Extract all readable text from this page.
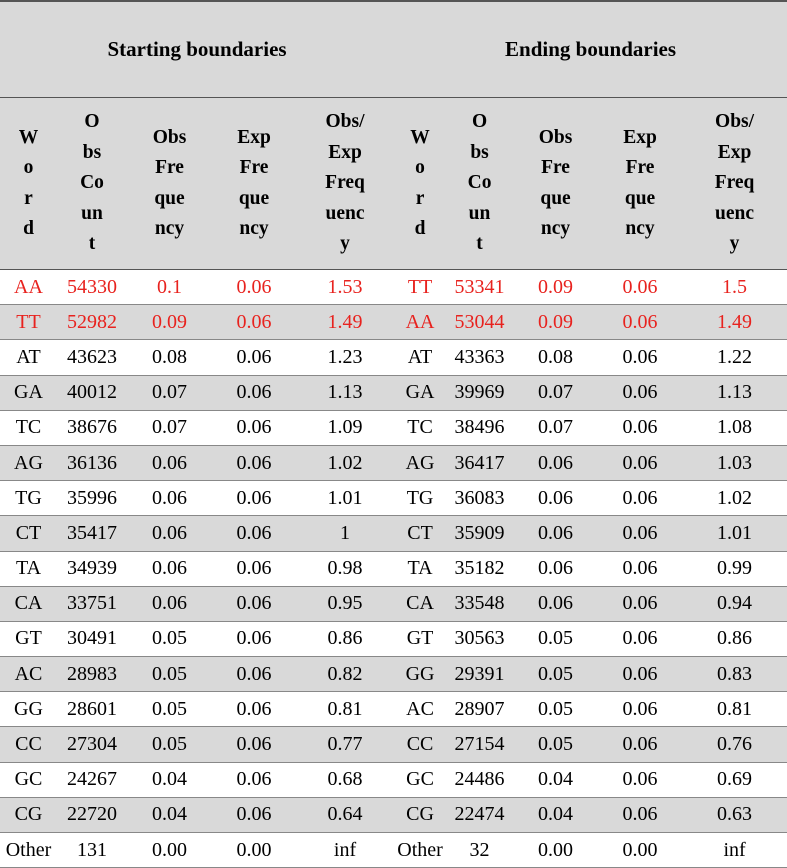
Starting boundaries					Ending boundaries				

W
o
r
d	O
bs
Co
un
t	Obs
Fre
que
ncy	Exp
Fre
que
ncy	Obs/
Exp
Freq
uenc
y	W
o
r
d	O
bs
Co
un
t	Obs
Fre
que
ncy	Exp
Fre
que
ncy	Obs/
Exp
Freq
uenc
y

AA	54330	0.1	0.06	1.53	TT	53341	0.09	0.06	1.5
TT	52982	0.09	0.06	1.49	AA	53044	0.09	0.06	1.49
AT	43623	0.08	0.06	1.23	AT	43363	0.08	0.06	1.22
GA	40012	0.07	0.06	1.13	GA	39969	0.07	0.06	1.13
TC	38676	0.07	0.06	1.09	TC	38496	0.07	0.06	1.08
AG	36136	0.06	0.06	1.02	AG	36417	0.06	0.06	1.03
TG	35996	0.06	0.06	1.01	TG	36083	0.06	0.06	1.02
CT	35417	0.06	0.06	1	CT	35909	0.06	0.06	1.01
TA	34939	0.06	0.06	0.98	TA	35182	0.06	0.06	0.99
CA	33751	0.06	0.06	0.95	CA	33548	0.06	0.06	0.94
GT	30491	0.05	0.06	0.86	GT	30563	0.05	0.06	0.86
AC	28983	0.05	0.06	0.82	GG	29391	0.05	0.06	0.83
GG	28601	0.05	0.06	0.81	AC	28907	0.05	0.06	0.81
CC	27304	0.05	0.06	0.77	CC	27154	0.05	0.06	0.76
GC	24267	0.04	0.06	0.68	GC	24486	0.04	0.06	0.69
CG	22720	0.04	0.06	0.64	CG	22474	0.04	0.06	0.63
Other	131	0.00	0.00	inf	Other	32	0.00	0.00	inf
